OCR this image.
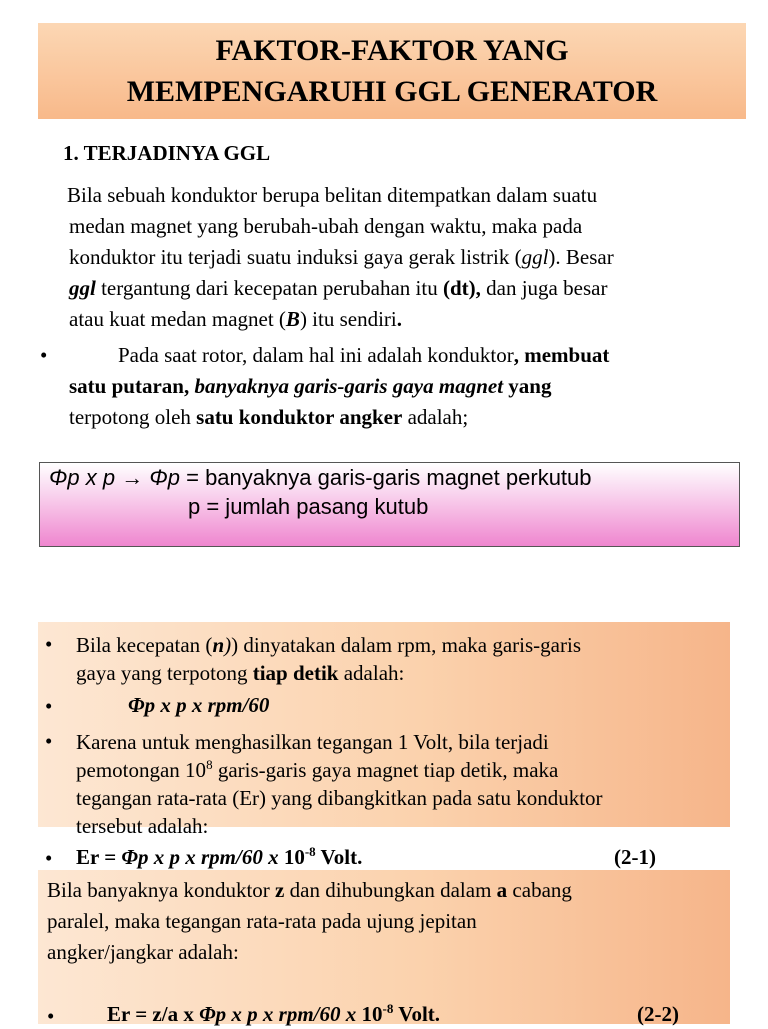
FAKTOR-FAKTOR YANG
MEMPENGARUHI GGL GENERATOR
1. TERJADINYA GGL
Bila sebuah konduktor berupa belitan ditempatkan dalam suatu
medan magnet yang berubah-ubah dengan waktu, maka pada
konduktor itu terjadi suatu induksi gaya gerak listrik (ggl). Besar
ggl tergantung dari kecepatan perubahan itu (dt), dan juga besar
atau kuat medan magnet (B) itu sendiri.
•	Pada saat rotor, dalam hal ini adalah konduktor, membuat
satu putaran, banyaknya garis-garis gaya magnet yang
terpotong oleh satu konduktor angker adalah;
Φp x p → Φp = banyaknya garis-garis magnet perkutub
p = jumlah pasang kutub
• Bila kecepatan (n)) dinyatakan dalam rpm, maka garis-garis
gaya yang terpotong tiap detik adalah:
•	Φp x p x rpm/60
• Karena untuk menghasilkan tegangan 1 Volt, bila terjadi
pemotongan $10^8$ garis-garis gaya magnet tiap detik, maka
tegangan rata-rata (Er) yang dibangkitkan pada satu konduktor
tersebut adalah:
• Er = Φp x p x rpm/60 x $10^{-8}$ Volt.	(2-1)
Bila banyaknya konduktor z dan dihubungkan dalam a cabang
paralel, maka tegangan rata-rata pada ujung jepitan
angker/jangkar adalah:
•	Er = z/a x Φp x p x rpm/60 x $10^{-8}$ Volt.	(2-2)
